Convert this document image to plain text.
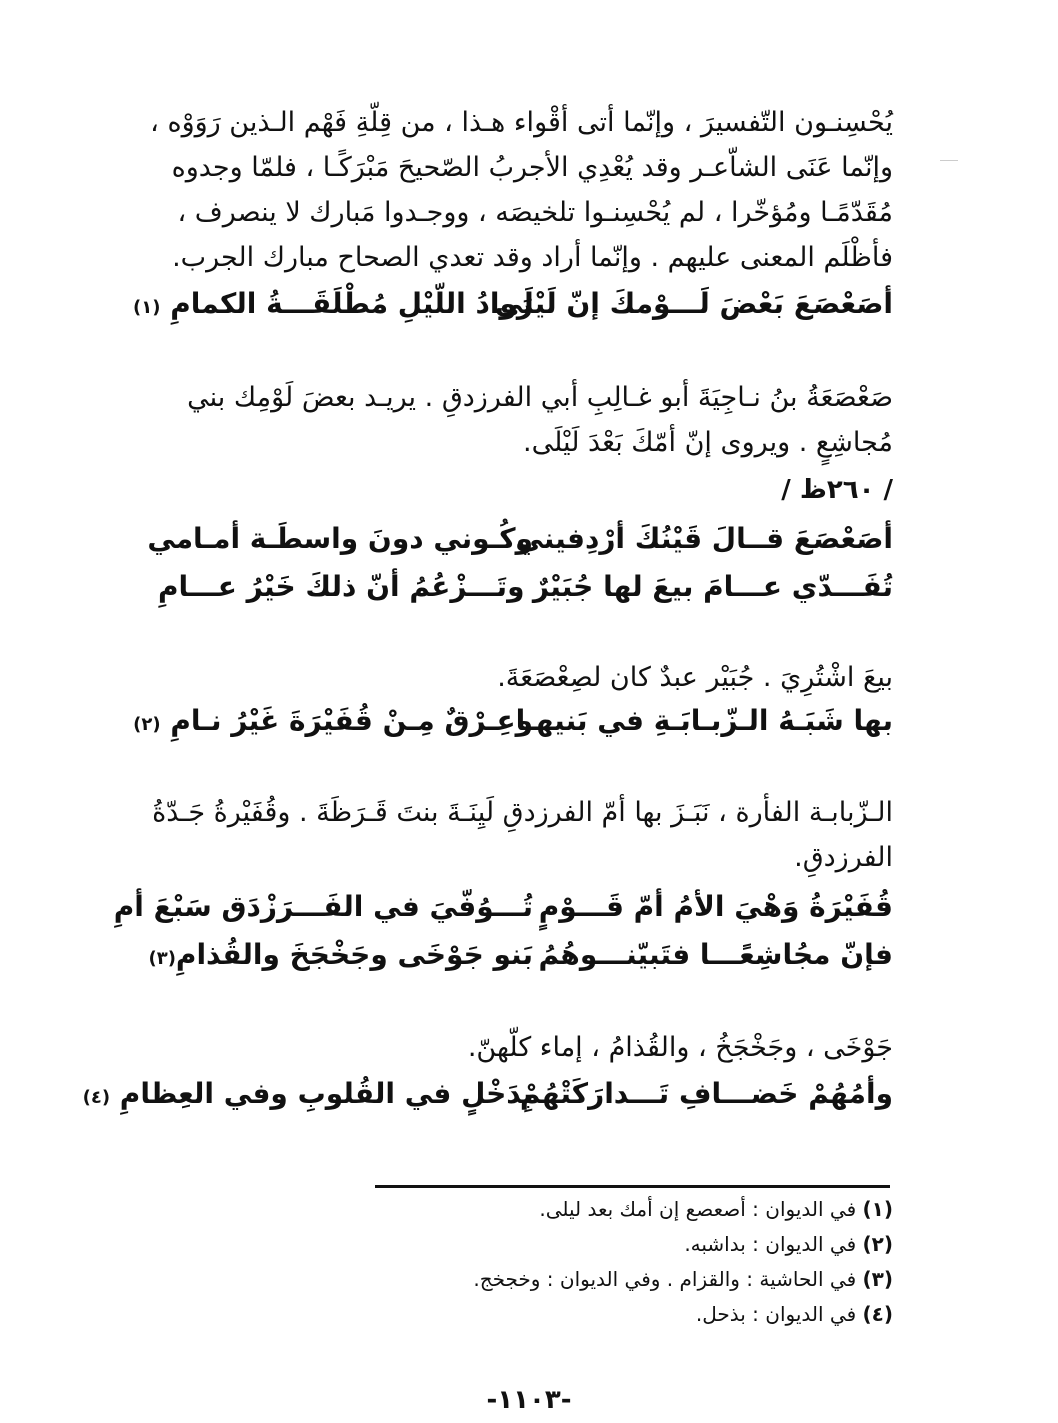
يُحْسِنـون التّفسيرَ ، وإنّما أتى أقْواء هـذا ، من قِلّةِ فَهْم الـذين رَوَوْه ،

وإنّما عَنَى الشاّعـر وقد يُعْدِي الأجربُ الصّحيحَ مَبْرَكًـا ، فلمّا وجدوه

مُقَدّمًـا ومُؤخّرا ، لم يُحْسِنـوا تلخيصَه ، ووجـدوا مَبارك لا ينصرف ،

فأظْلَم المعنى عليهم . وإنّما أراد وقد تعدي الصحاح مبارك الجرب.

أصَعْصَعَ بَعْضَ لَـــوْمكَ إنّ لَيْلَى
رَوادُ اللّيْلِ مُطْلَقَـــةُ الكمامِ (١)

صَعْصَعَةُ بنُ نـاجِيَةَ أبو غـالِبِ أبي الفرزدقِ . يريـد بعضَ لَوْمِك بني

مُجاشِعٍ . ويروى إنّ أمّكَ بَعْدَ لَيْلَى.

/ ٢٦٠ظ /
أصَعْصَعَ قــالَ قَيْنُكَ أرْدِفيني
وكُـوني دونَ واسطَـة أمـامي
تُفَـــدّي عـــامَ بيعَ لها جُبَيْرٌ
وتَـــزْعُمُ أنّ ذلكَ خَيْرُ عـــامِ

بيعَ اشْتُرِيَ . جُبَيْر عبدٌ كان لصِعْصَعَةَ.

بها شَبَـهُ الـزّبـابَـةِ في بَنيهـا
وعِـرْقٌ مِـنْ قُفَيْرَةَ غَيْرُ نـامِ (٢)

الـزّبابـة الفأرة ، نَبَـزَ بها أمّ الفرزدقِ لَيِنَـةَ بنتَ قَـرَظَةَ . وقُفَيْرةُ جَـدّةُ

الفرزدقِ.

قُفَيْرَةُ وَهْيَ الأمُ أمّ قَـــوْمٍ
تُـــوُفّيَ في الفَـــرَزْدَق سَبْعَ أمِ
فإنّ مجُاشِعًـــا فتَبيّنـــوهُمُ
بَنو جَوْخَى وجَخْجَخَ والقُذامِ(٣)

جَوْخَى ، وجَخْجَخُ ، والقُذامُ ، إماء كلّهنّ.

وأمُهُمْ خَضـــافِ تَـــدارَكَتْهُمْ
بِدَخْلٍ في القُلوبِ وفي العِظامِ (٤)
(١) في الديوان : أصعصع إن أمك بعد ليلى.
(٢) في الديوان : بداشبه.
(٣) في الحاشية : والقزام . وفي الديوان : وخجخج.
(٤) في الديوان : بذحل.
-١١٠٣-
